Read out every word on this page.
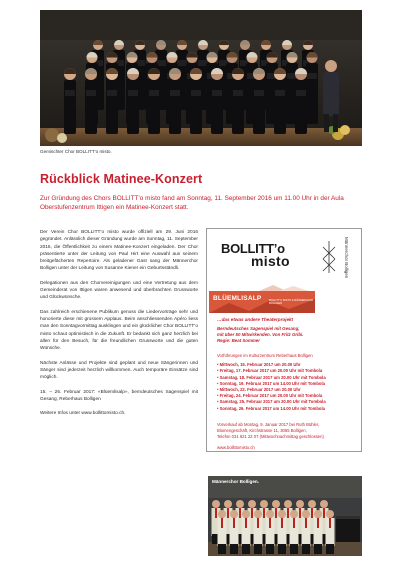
Gemischter Chor BOLLITT’o misto.
Rückblick Matinee-Konzert
Zur Gründung des Chors BOLLITT’o misto fand am Sonntag, 11. September 2016 um 11.00 Uhr in der Aula Oberstufenzentrum Ittigen ein Matinee-Konzert statt.

Der Verein Chor BOLLITT’o misto wurde offiziell am 29. Juni 2016 gegründet. Anlässlich dieser Gründung wurde am Sonntag, 11. September 2016, die Öffentlichkeit zu einem Matinee-Konzert eingeladen. Der Chor präsentierte unter der Leitung von Paul Hirt eine Auswahl aus seinem breitgefächerten Repertoire. Als geladener Gast sang der Männerchor Bolligen unter der Leitung von Susanne Kiener ein Geburtsständli.

Delegationen aus den Chorvereinigungen und eine Vertretung aus dem Gemeinderat von Ittigen waren anwesend und überbrachten Grussworte und Glückwünsche.

Das zahlreich erschienene Publikum genoss die Liedervorträge sehr und honorierte diese mit grossem Applaus. Beim anschliessenden Apéro liess man den Sonntagvormittag ausklingen und ein glücklicher Chor BOLLITT’o misto schaut optimistisch in die Zukunft. Er bedankt sich ganz herzlich bei allen für den Besuch, für die freundlichen Grussworte und die guten Wünsche.

Nächste Anlässe und Projekte sind geplant und neue Sängerinnen und Sänger sind jederzeit herzlich willkommen. Auch temporäre Einsätze sind möglich.

15. – 26. Februar 2017: «Blüemlisalp», berndeutsches Sagenspiel mit Gesang, Reberhaus Bolligen

Weitere Infos unter www.bollittomisto.ch.

BOLLITT’o
misto	Männerchor Bolligen
BLÜEMLISALP	BOLLITT’O MISTO & MÄNNERCHOR BOLLIGEN
…das etwas andere Theaterprojekt
Berndeutsches Sagenspiel mit Gesang,
mit über 50 Mitwirkenden. Von Fritz Gribi.
Regie: Beat Sommer
Vorführungen im Kulturzentrum Reberhaus Bolligen
• Mittwoch, 15. Februar 2017 um 20.00 Uhr
• Freitag, 17. Februar 2017 um 20.00 Uhr mit Tombola
• Samstag, 18. Februar 2017 um 20.00 Uhr mit Tombola
• Sonntag, 19. Februar 2017 um 14.00 Uhr mit Tombola
• Mittwoch, 22. Februar 2017 um 20.00 Uhr
• Freitag, 24. Februar 2017 um 20.00 Uhr mit Tombola
• Samstag, 25. Februar 2017 um 20.00 Uhr mit Tombola
• Sonntag, 26. Februar 2017 um 14.00 Uhr mit Tombola
Vorverkauf ab Montag, 9. Januar 2017 bei Ruth Bühler,
Blumengeschäft, Kirchstrasse 11, 3065 Bolligen,
Telefon 031 921 22 07 (Mittwochnachmittag geschlossen)
www.bollittomisto.ch
Männerchor Bolligen.
